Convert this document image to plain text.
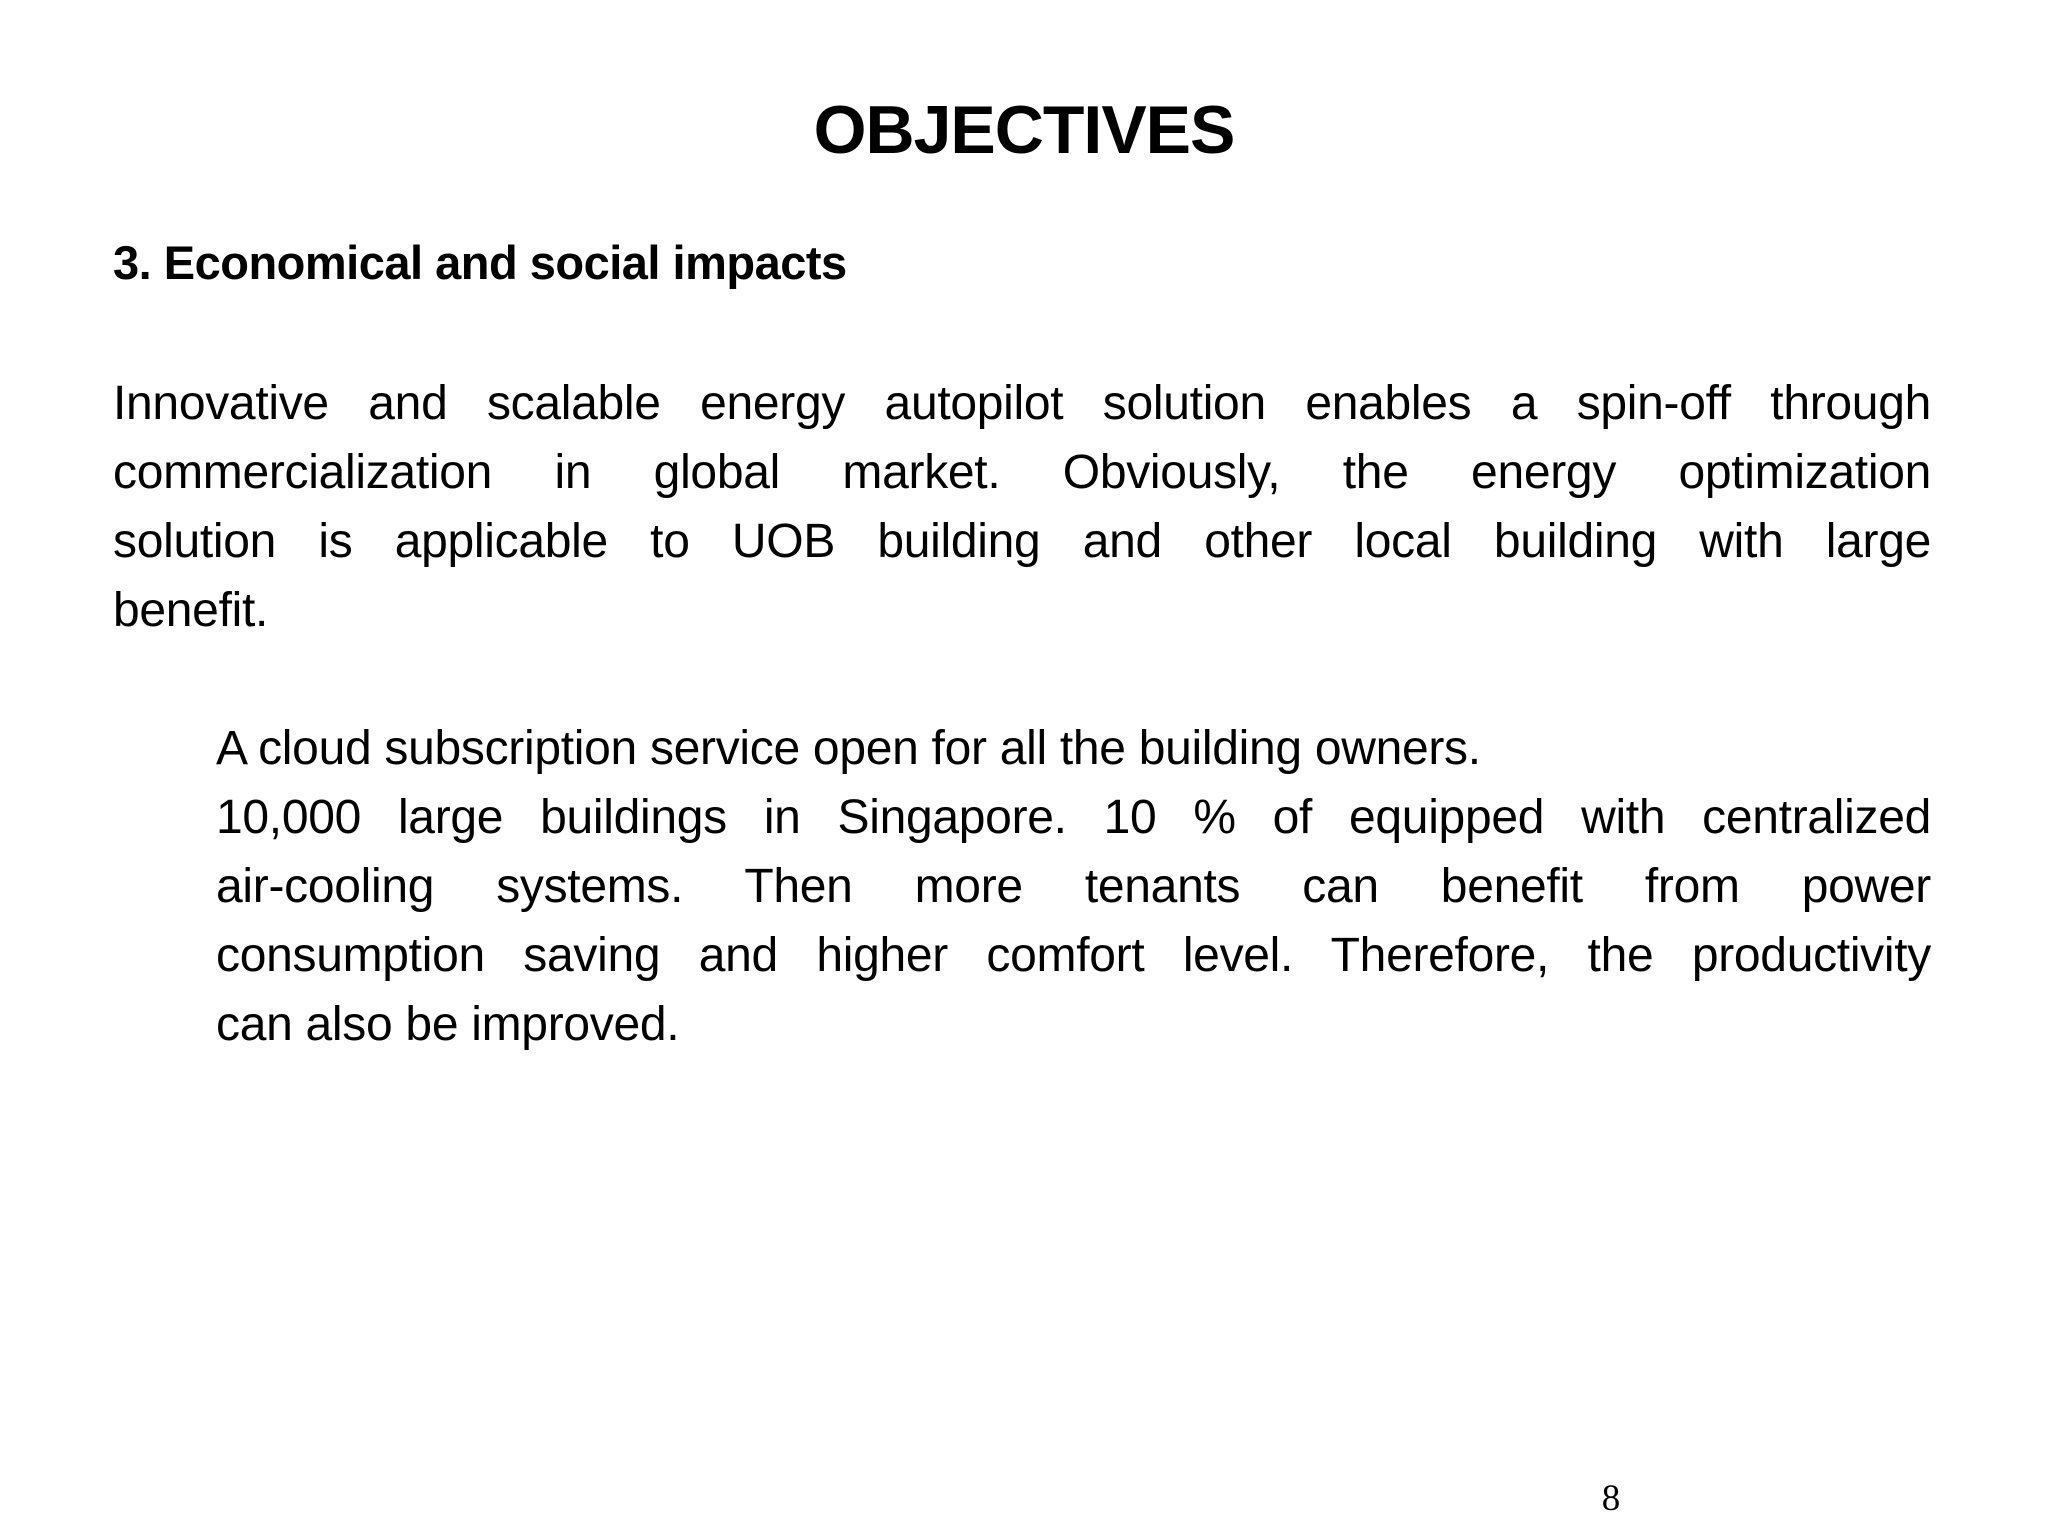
OBJECTIVES
3. Economical and social impacts
Innovative and scalable energy autopilot solution enables a spin-off through
commercialization in global market. Obviously, the energy optimization
solution is applicable to UOB building and other local building with large
benefit.
A cloud subscription service open for all the building owners.
10,000 large buildings in Singapore. 10 % of equipped with centralized
air-cooling systems. Then more tenants can benefit from power
consumption saving and higher comfort level. Therefore, the productivity
can also be improved.
8
